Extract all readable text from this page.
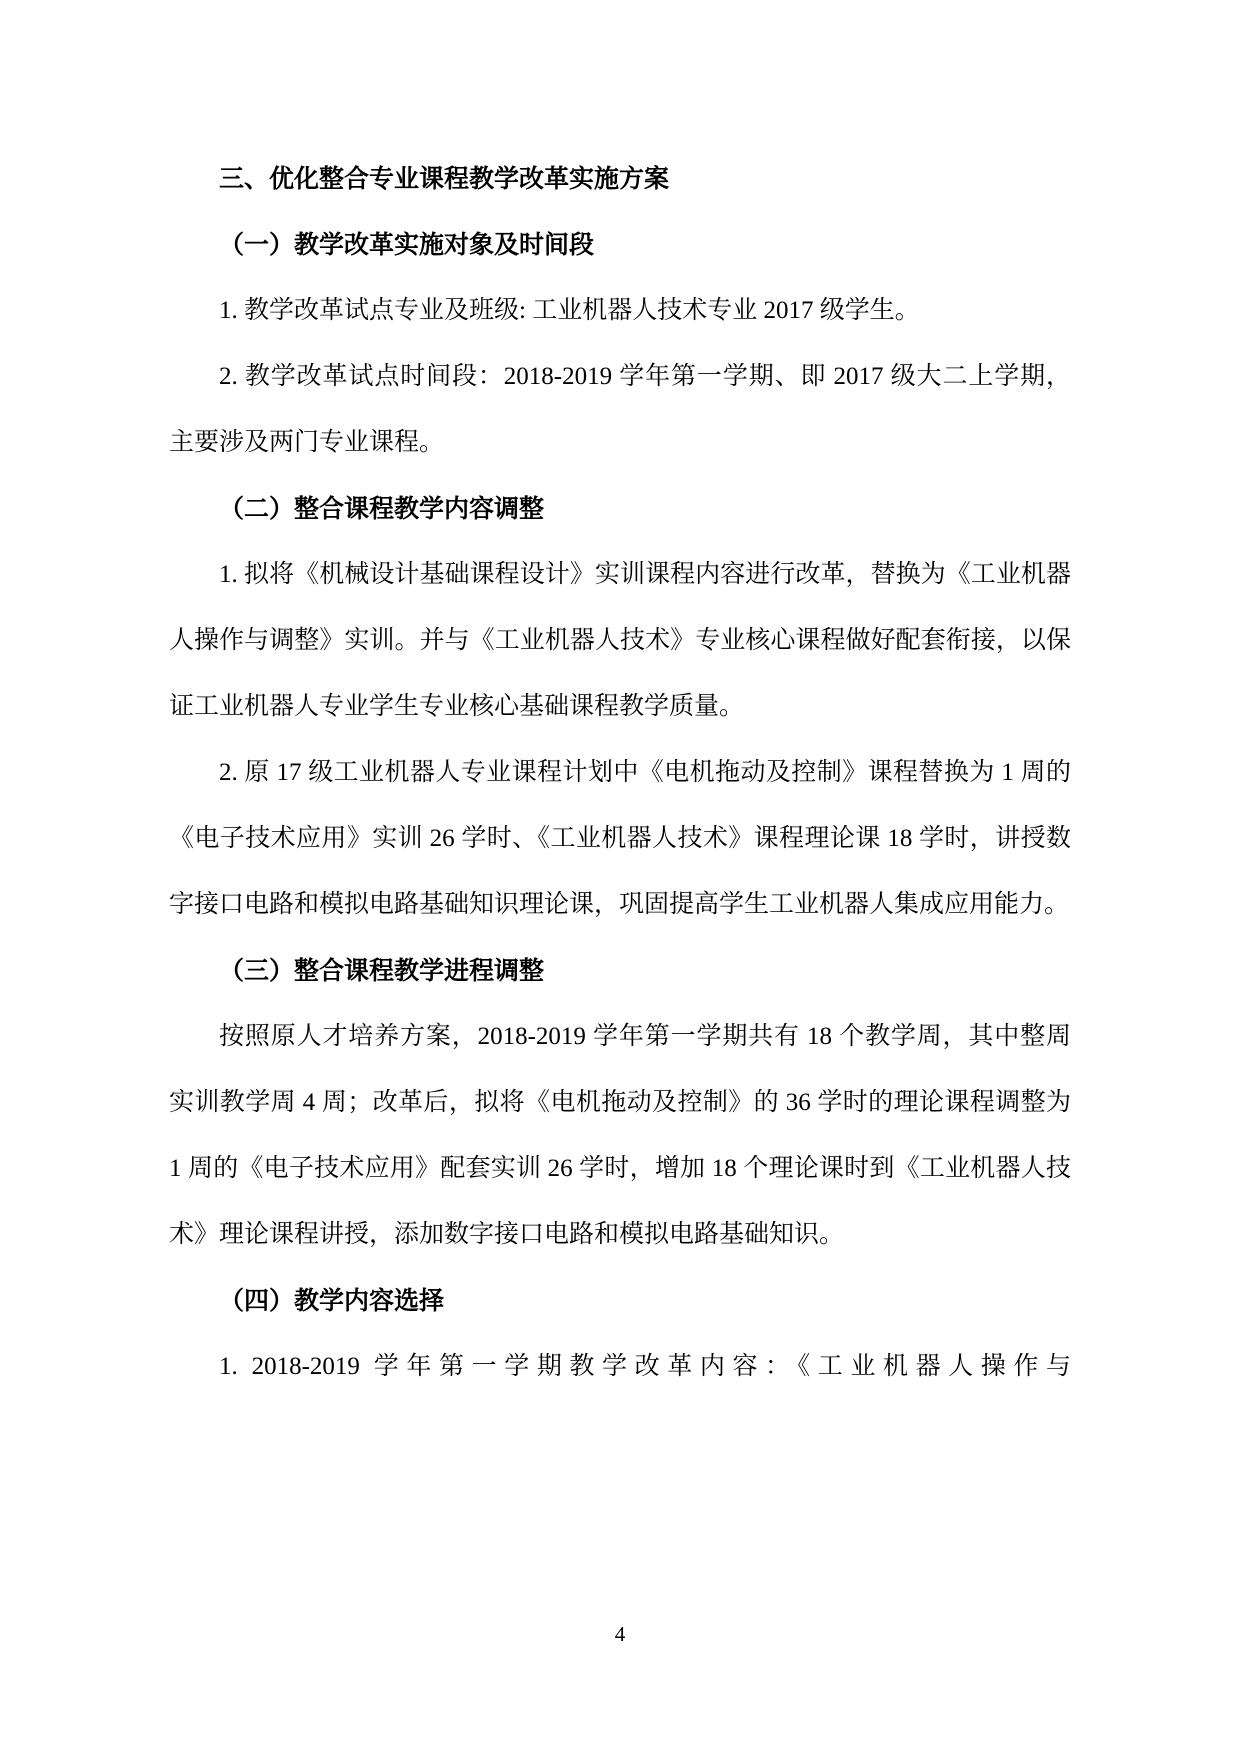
三、优化整合专业课程教学改革实施方案
（一）教学改革实施对象及时间段
1. 教学改革试点专业及班级: 工业机器人技术专业 2017 级学生。
2. 教学改革试点时间段：2018-2019 学年第一学期、即 2017 级大二上学期，主要涉及两门专业课程。
（二）整合课程教学内容调整
1. 拟将《机械设计基础课程设计》实训课程内容进行改革，替换为《工业机器人操作与调整》实训。并与《工业机器人技术》专业核心课程做好配套衔接，以保证工业机器人专业学生专业核心基础课程教学质量。
2. 原 17 级工业机器人专业课程计划中《电机拖动及控制》课程替换为 1 周的《电子技术应用》实训 26 学时、《工业机器人技术》课程理论课 18 学时，讲授数字接口电路和模拟电路基础知识理论课，巩固提高学生工业机器人集成应用能力。
（三）整合课程教学进程调整
按照原人才培养方案，2018-2019 学年第一学期共有 18 个教学周，其中整周实训教学周 4 周；改革后，拟将《电机拖动及控制》的 36 学时的理论课程调整为 1 周的《电子技术应用》配套实训 26 学时，增加 18 个理论课时到《工业机器人技术》理论课程讲授，添加数字接口电路和模拟电路基础知识。
（四）教学内容选择
1. 2018-2019 学年第一学期教学改革内容：《工业机器人操作与
4
